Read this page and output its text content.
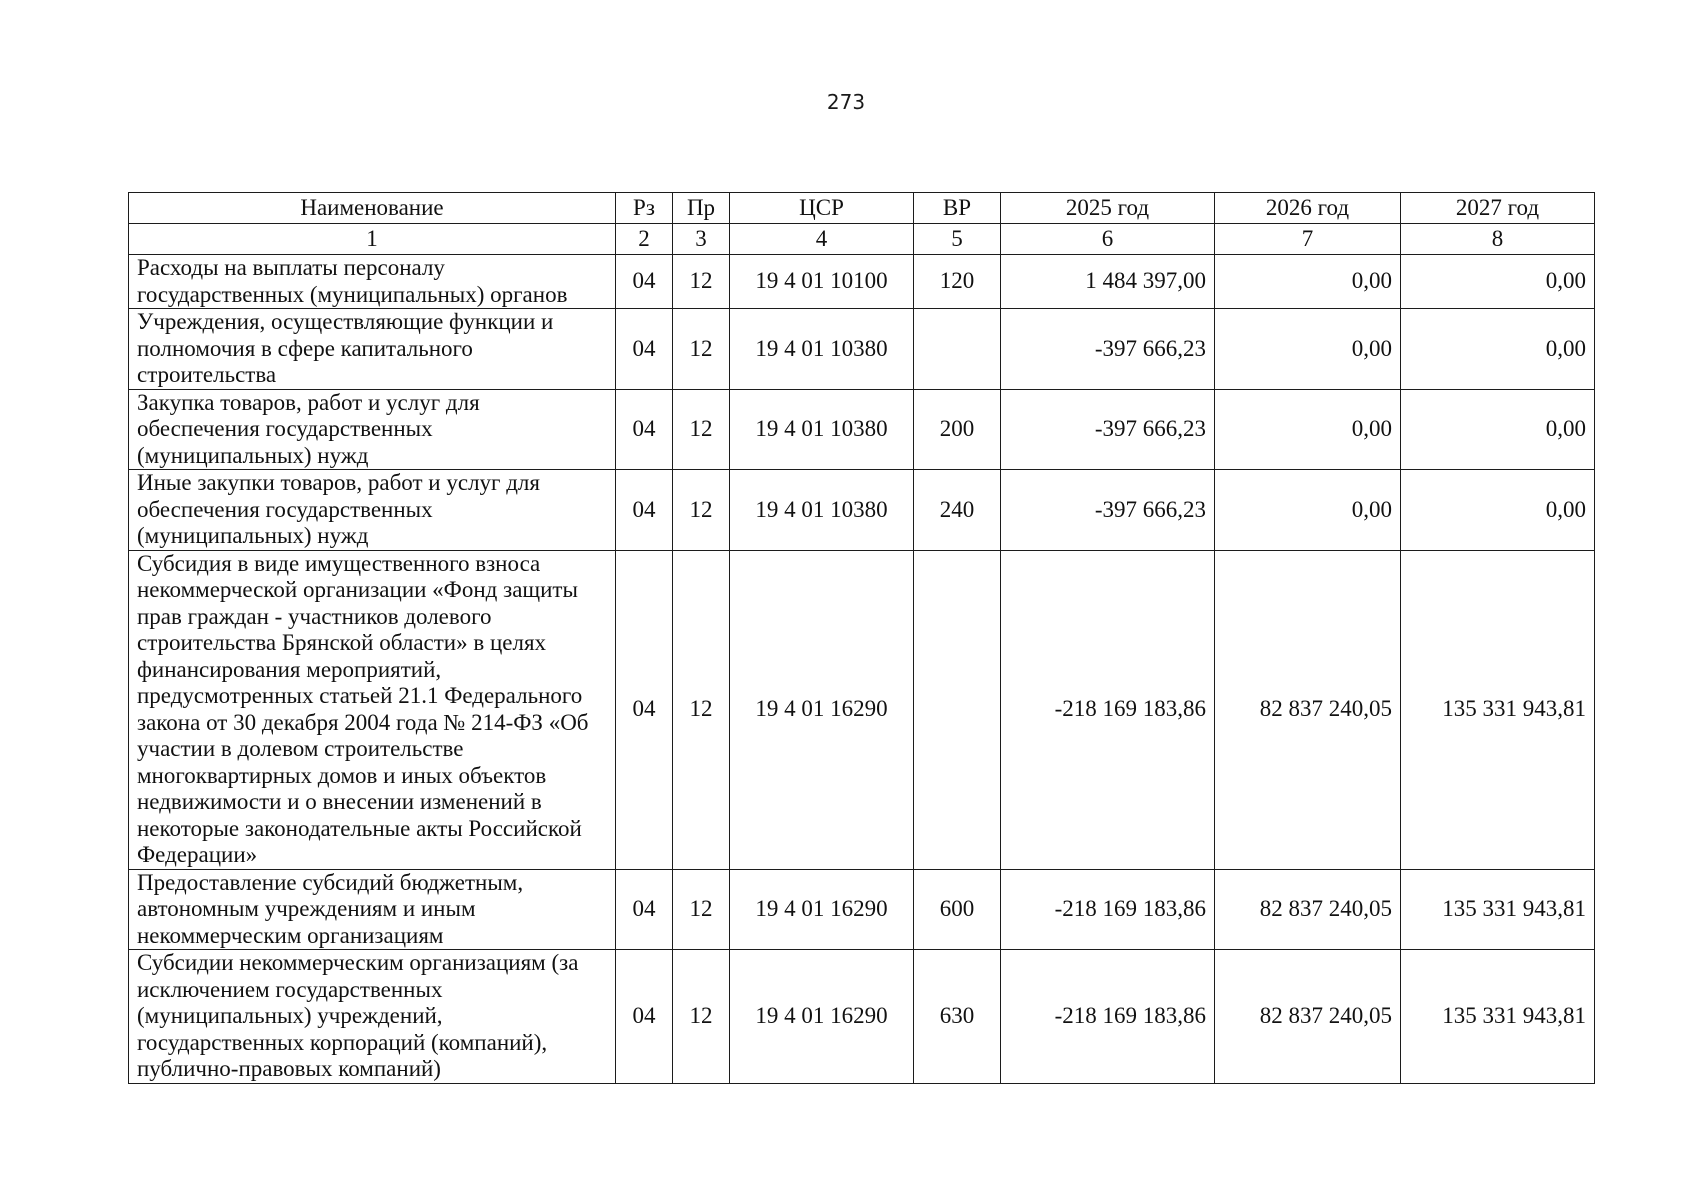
273
Наименование	Рз	Пр	ЦСР	ВР	2025 год	2026 год	2027 год
1	2	3	4	5	6	7	8
Расходы на выплаты персоналу государственных (муниципальных) органов	04	12	19 4 01 10100	120	1 484 397,00	0,00	0,00
Учреждения, осуществляющие функции и полномочия в сфере капитального строительства	04	12	19 4 01 10380		-397 666,23	0,00	0,00
Закупка товаров, работ и услуг для обеспечения государственных (муниципальных) нужд	04	12	19 4 01 10380	200	-397 666,23	0,00	0,00
Иные закупки товаров, работ и услуг для обеспечения государственных (муниципальных) нужд	04	12	19 4 01 10380	240	-397 666,23	0,00	0,00
Субсидия в виде имущественного взноса некоммерческой организации «Фонд защиты прав граждан - участников долевого строительства Брянской области» в целях финансирования мероприятий, предусмотренных статьей 21.1 Федерального закона от 30 декабря 2004 года № 214-ФЗ «Об участии в долевом строительстве многоквартирных домов и иных объектов недвижимости и о внесении изменений в некоторые законодательные акты Российской Федерации»	04	12	19 4 01 16290		-218 169 183,86	82 837 240,05	135 331 943,81
Предоставление субсидий бюджетным, автономным учреждениям и иным некоммерческим организациям	04	12	19 4 01 16290	600	-218 169 183,86	82 837 240,05	135 331 943,81
Субсидии некоммерческим организациям (за исключением государственных (муниципальных) учреждений, государственных корпораций (компаний), публично-правовых компаний)	04	12	19 4 01 16290	630	-218 169 183,86	82 837 240,05	135 331 943,81
